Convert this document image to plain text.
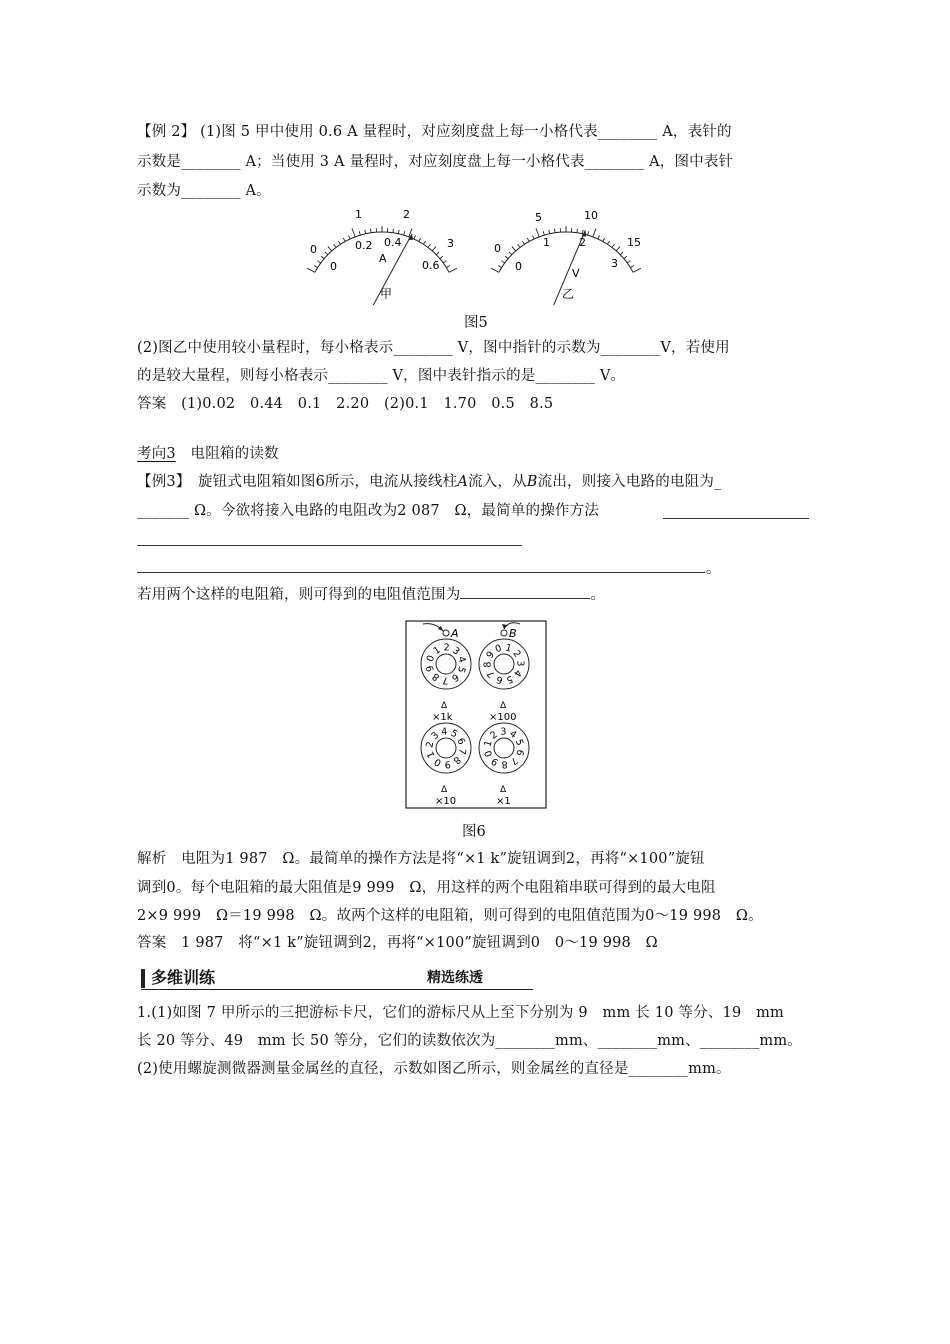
【例 2】 (1)图 5 甲中使用 0.6 A 量程时，对应刻度盘上每一小格代表________ A，表针的
示数是________ A；当使用 3 A 量程时，对应刻度盘上每一小格代表________ A，图中表针
示数为________ A。
1	2
0	3
0.2 0.4
0	0.6
A
甲
5	10
15
0	1	2
0	3
V
乙
图5
(2)图乙中使用较小量程时，每小格表示________ V，图中指针的示数为________V，若使用
的是较大量程，则每小格表示________ V，图中表针指示的是________ V。
答案　(1)0.02　0.44　0.1　2.20　(2)0.1　1.70　0.5　8.5
考向3　电阻箱的读数
【例3】　旋钮式电阻箱如图6所示，电流从接线柱A流入，从B流出，则接入电路的电阻为_
_______ Ω。今欲将接入电路的电阻改为2 087　Ω，最简单的操作方法
。
若用两个这样的电阻箱，则可得到的电阻值范围为	。
A	B
0
1 2 3
4
5
6
7
8
9
0 1
2
3
4
5
6
7
8
9
0
1
2
3 4 5
6
7
8
9
0
1
2 3 4
5
6
7
8
9
×1k	×100
×10	×1
Δ	Δ
Δ	Δ
图6
解析　电阻为1 987　Ω。最简单的操作方法是将“×1 k”旋钮调到2，再将“×100”旋钮
调到0。每个电阻箱的最大阻值是9 999　Ω，用这样的两个电阻箱串联可得到的最大电阻
2×9 999　Ω＝19 998　Ω。故两个这样的电阻箱，则可得到的电阻值范围为0～19 998　Ω。
答案　1 987　将“×1 k”旋钮调到2，再将“×100”旋钮调到0　0～19 998　Ω
多维训练	精选练透
1.(1)如图 7 甲所示的三把游标卡尺，它们的游标尺从上至下分别为 9　mm 长 10 等分、19　mm
长 20 等分、49　mm 长 50 等分，它们的读数依次为________mm、________mm、________mm。
(2)使用螺旋测微器测量金属丝的直径，示数如图乙所示，则金属丝的直径是________mm。
